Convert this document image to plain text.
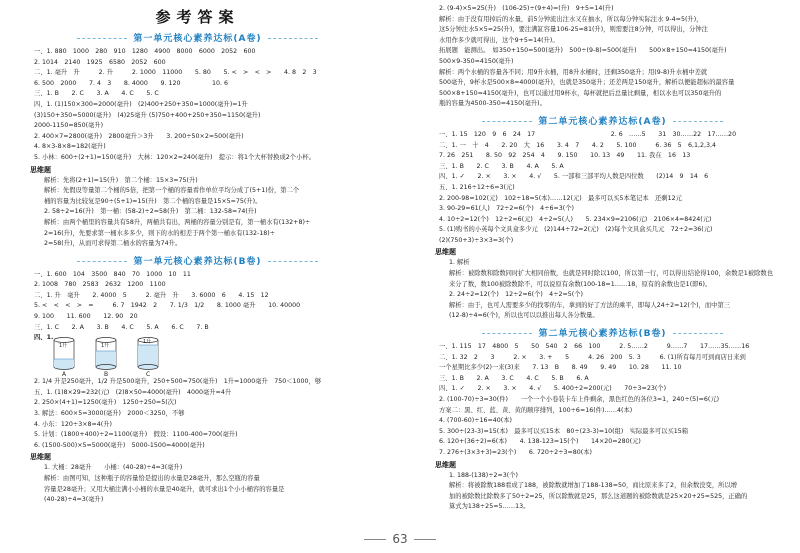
参考答案
第一单元核心素养达标(A卷)
一、1. 880　1000　280　910　1280　4900　8000　6000　2052　600
2. 1014　2140　1925　6580　2052　600
二、1. 毫升　升　　　2. 升　　　2. 1000　11000　　5. 80　　5. <　>　<　>　　4. 8　2　3
6. 500　2000　　7. 4　3　　8. 4000　　9. 120　　　　　10. 6
三、1. B　　2. C　　3. A　　4. C　　5. C
四、1. (1)150×300=2000(毫升)　(2)400+250+350=1000(毫升)=1升
(3)150+350=5000(毫升)　(4)25毫升 (5)750+400+250+350=1150(毫升)
2000-1150=850(毫升)
2. 400×7=2800(毫升)　2800毫升＞3升　　3. 200÷50×2=500(毫升)
4. 8×3-8×8=182(毫升)
5. 小林：600÷(2+1)=150(毫升)　大林：120×2=240(毫升)　提示：将1个大杯替换成2个小杯。
思维题
解析：先将(2+1)=15(升)　第二个桶：15×3=75(升)
解析：先假设等量第二个桶的5倍，把第一个桶的容量看作单位平均分成了(5+1)份，第二个
桶的容量为比较复是90÷(5+1)=15(升)　第二个桶的容量是15×5=75(升)。
2. 58÷2=16(升)　第一桶：(58-2)÷2=58(升)　第二桶：132-58=74(升)
解析：由两个桶里的容量共有58升，两桶共有出，两桶的容量分别是有，第一桶水有(132+8)÷
2=16(升)，先要求第一桶水多多少，则下的水的相差于两个第一桶水有(132-18)÷
2=58(升)，从而可求得第二桶水的容量为74升。
第一单元核心素养达标(B卷)
一、1. 600　104　3500　840　70　1000　10　11
2. 1008　780　2583　2632　1200　1100
二、1. 升　毫升　　2. 4000　5　　　2. 毫升　升　　3. 6000　6　　4. 15　12
5. <　<　<　>　=　　　6. 7　1942　2　　7. 1/3　1/2　　8. 1000 毫升　　10. 40000
9. 100　　11. 600　　12. 90　20
三、1. C　　2. A　　3. B　　4. C　　5. A　　6. C　　7. B
四、1.
1升
A
1升
B
1升
C
2. 1/4 升是250毫升，1/2 升是500毫升，250+500=750(毫升)　1升=1000毫升　750＜1000，够
五、1. (1)8×29=232(元)　(2)8×50=4000(毫升)　4000毫升=4升
2. 250×(4+1)=1250(毫升)　1250÷250=5(次)
3. 解法：600×5=3000(毫升)　2000＜3250，不够
4. 小东：120÷3×8=4(升)
5. 计划：(1800+400)÷2=1100(毫升)　假设：1100-400=700(毫升)
6. (1500-500)×5=5000(毫升)　5000-1500=4000(毫升)
思维题
1. 大桶：28毫升　　小桶：(40-28)÷4=3(毫升)
解析：由图可知，这种瓶子的容量恰是提出的水量是28毫升，那么空瓶的容量
容量是28毫升；又用大桶注满小小桶的水量是40毫升，就可求出1个小小桶容的容量是
(40-28)÷4=3(毫升)
2. (9-4)×5=25(升)　(106-25)÷(9+4)=(升)　9+5=14(升)
解析：由于没有用掉后的水量，前5分钟流出注水又在抽水，所以每分钟实际注水 9-4=5(升)，
这5分钟注水5×5=25(升)，要注满缸容量106-25=81(升)，则需要注8分钟，可以得出，分钟注
水用作多少就可得出，这个9+5=14(升)。
拓展题　能测出。　如350+150=500(毫升)　500÷(9-8)=500(毫升)　　500×8+150=4150(毫升)
500×9-350=4150(毫升)
解析：两个水桶的容量各不同；用9升水桶，用8升水桶时，还剩350毫升；用(9-8)升水桶中差就
500毫升，9杯水是500×8=4000(毫升)，也就是350毫升；还差两是150毫升，解析以便能超标的最容量
500×8+150=4150(毫升)，也可以通过用9杯水，每杯就把后总量比剩量，相以水也可以350毫升的
瓶的容量为4500-350=4150(毫升)。
第二单元核心素养达标(A卷)
一、1. 15　120　9　6　24　17　　　　　　　　　　　　2. 6　……5　　31　30……22　17……20
二、1. 一　十　4　　2. 20　大　16　　3. 4　7　　4. 2　　5. 100　　　6. 36　5　6,1,2,3,4
7. 26　251　　8. 50　92　254　4　　9. 150　　10. 13　49　　11. 我在　16　13
三、1. B　　2. C　　3. B　　4. A　　5. A
四、1. ✓　　2. ×　　3. ×　　4. √　　5. 一部和三部平均人数是四位数　　(2)14　9　14　6
五、1. 216÷12÷6=3(元)
2. 200-98=102(元)　102÷18=5(本)……12(元)　最多可以买5本笔记本　还剩12元
3. 90-29=61(人)　72÷2=6(个)　4÷6=3(个)
4. 10÷2=12(个)　12÷2=6(元)　4÷2=5(人)　　5. 234×9=2106(元)　2106×4=8424(元)
5. (1)购书的小英每个文具盒多少元　(2)144÷72=2(元)　(2)每个文具盒买几元　72÷2=36(元)
(2)(750+3)÷3×3=3(个)
思维题
1. 解析
解析：被除数和除数同时扩大相同倍数，也就是同时除以100，所以第一行，可以得出结论得100，余数是1被除数也
来分了数，数100被除数除不，可以说原有余数(100-18=1……18，原有的余数也是1(即6)。
2. 24÷2=12(个)　12÷2=6(个)　4÷2=5(个)
解析：由于，也可人需要多少的找零的车，拿到的好了方法的乘平，即每人24÷2=12(个)，而中第三
(12-8)÷4=6(个)，所以也可以以推出每人各分数量。
第二单元核心素养达标(B卷)
一、1. 115　17　4800　5　　50　540　2　66　100　　　2. 5……2　　　9……7　　17……35……16
二、1. 32　2　　3　　　2. ×　　3. +　　5　　　4. 26　200　5. 3　　　6. (1)所有每月可到商店日来到
一个星期比多少(2)一来(3)来　　7. 13　B　　8. 49　　9. 49　　10. 28　　11. 10
三、1. B　　2. A　　3. C　　4. C　　5. B　　6. A
四、1. ✓　　2. ×　　3. ×　　4. √　　5. 400÷2=200(元)　　70÷3=23(个)
2. (100-70)÷3=30(件)　　一个一个小卷装卡车上件剩余，黑色红色的各位3=1，240÷(5)=6(元)
方案二：黑、红、蓝、黄、黄的顺序排列，100÷6=16(件)……4(本)
4. (700-60)÷16=40(本)
5. 300÷(23-3)=15(本)　最多可以买15本　80÷(23-3)=10(组)　实际最多可以买15箱
6. 120+(36÷2)=6(本)　　4. 138-123=15(个)　　14×20=280(元)
7. 276÷(3×3+3)=23(个)　　6. 720÷2÷3=80(本)
思维题
1. 188-(138)÷2=3(个)
解析：将被除数188看成了188，被除数就增加了188-138=50，商比原来多了2，但余数没变，所以增
加的被除数比除数多了50÷2=25，所以除数就是25，那么这道题的被除数就是25×20+25=525，正确的
算式为138÷25=5……13。
63
